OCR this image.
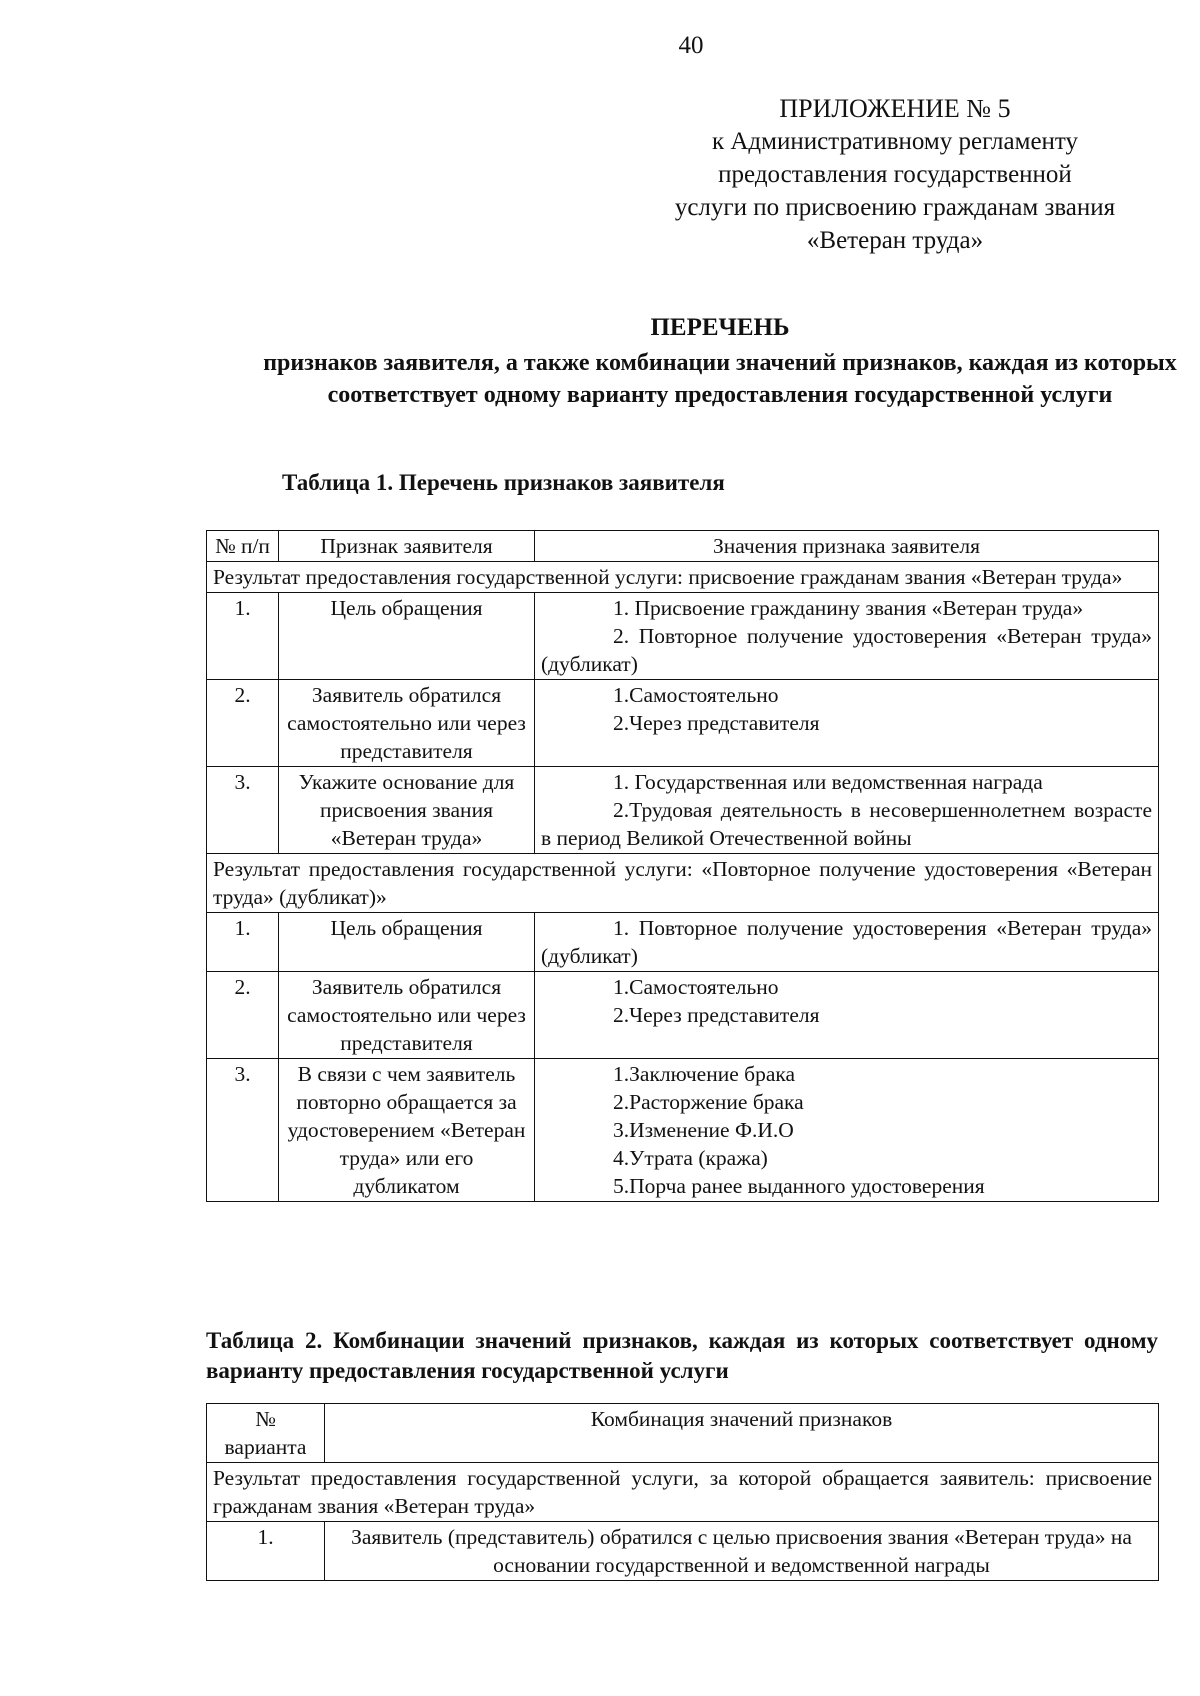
40
ПРИЛОЖЕНИЕ № 5
к Административному регламенту
предоставления государственной
услуги по присвоению гражданам звания
«Ветеран труда»
ПЕРЕЧЕНЬ
признаков заявителя, а также комбинации значений признаков, каждая из которых соответствует одному варианту предоставления государственной услуги
Таблица 1. Перечень признаков заявителя
№ п/п	Признак заявителя	Значения признака заявителя
Результат предоставления государственной услуги: присвоение гражданам звания «Ветеран труда»		
1.	Цель обращения	1. Присвоение гражданину звания «Ветеран труда»
2. Повторное получение удостоверения «Ветеран труда» (дубликат)

2.	Заявитель обратился самостоятельно или через представителя	1.Самостоятельно
2.Через представителя

3.	Укажите основание для присвоения звания «Ветеран труда»	1. Государственная или ведомственная награда
2.Трудовая деятельность в несовершеннолетнем возрасте в период Великой Отечественной войны

Результат предоставления государственной услуги: «Повторное получение удостоверения «Ветеран труда» (дубликат)»		
1.	Цель обращения	1. Повторное получение удостоверения «Ветеран труда» (дубликат)

2.	Заявитель обратился самостоятельно или через представителя	1.Самостоятельно
2.Через представителя

3.	В связи с чем заявитель повторно обращается за удостоверением «Ветеран труда» или его дубликатом	1.Заключение брака
2.Расторжение брака
3.Изменение Ф.И.О
4.Утрата (кража)
5.Порча ранее выданного удостоверения
Таблица 2. Комбинации значений признаков, каждая из которых соответствует одному варианту предоставления государственной услуги
№ варианта	Комбинация значений признаков
Результат предоставления государственной услуги, за которой обращается заявитель: присвоение гражданам звания «Ветеран труда»	
1.	Заявитель (представитель) обратился с целью присвоения звания «Ветеран труда» на основании государственной и ведомственной награды
